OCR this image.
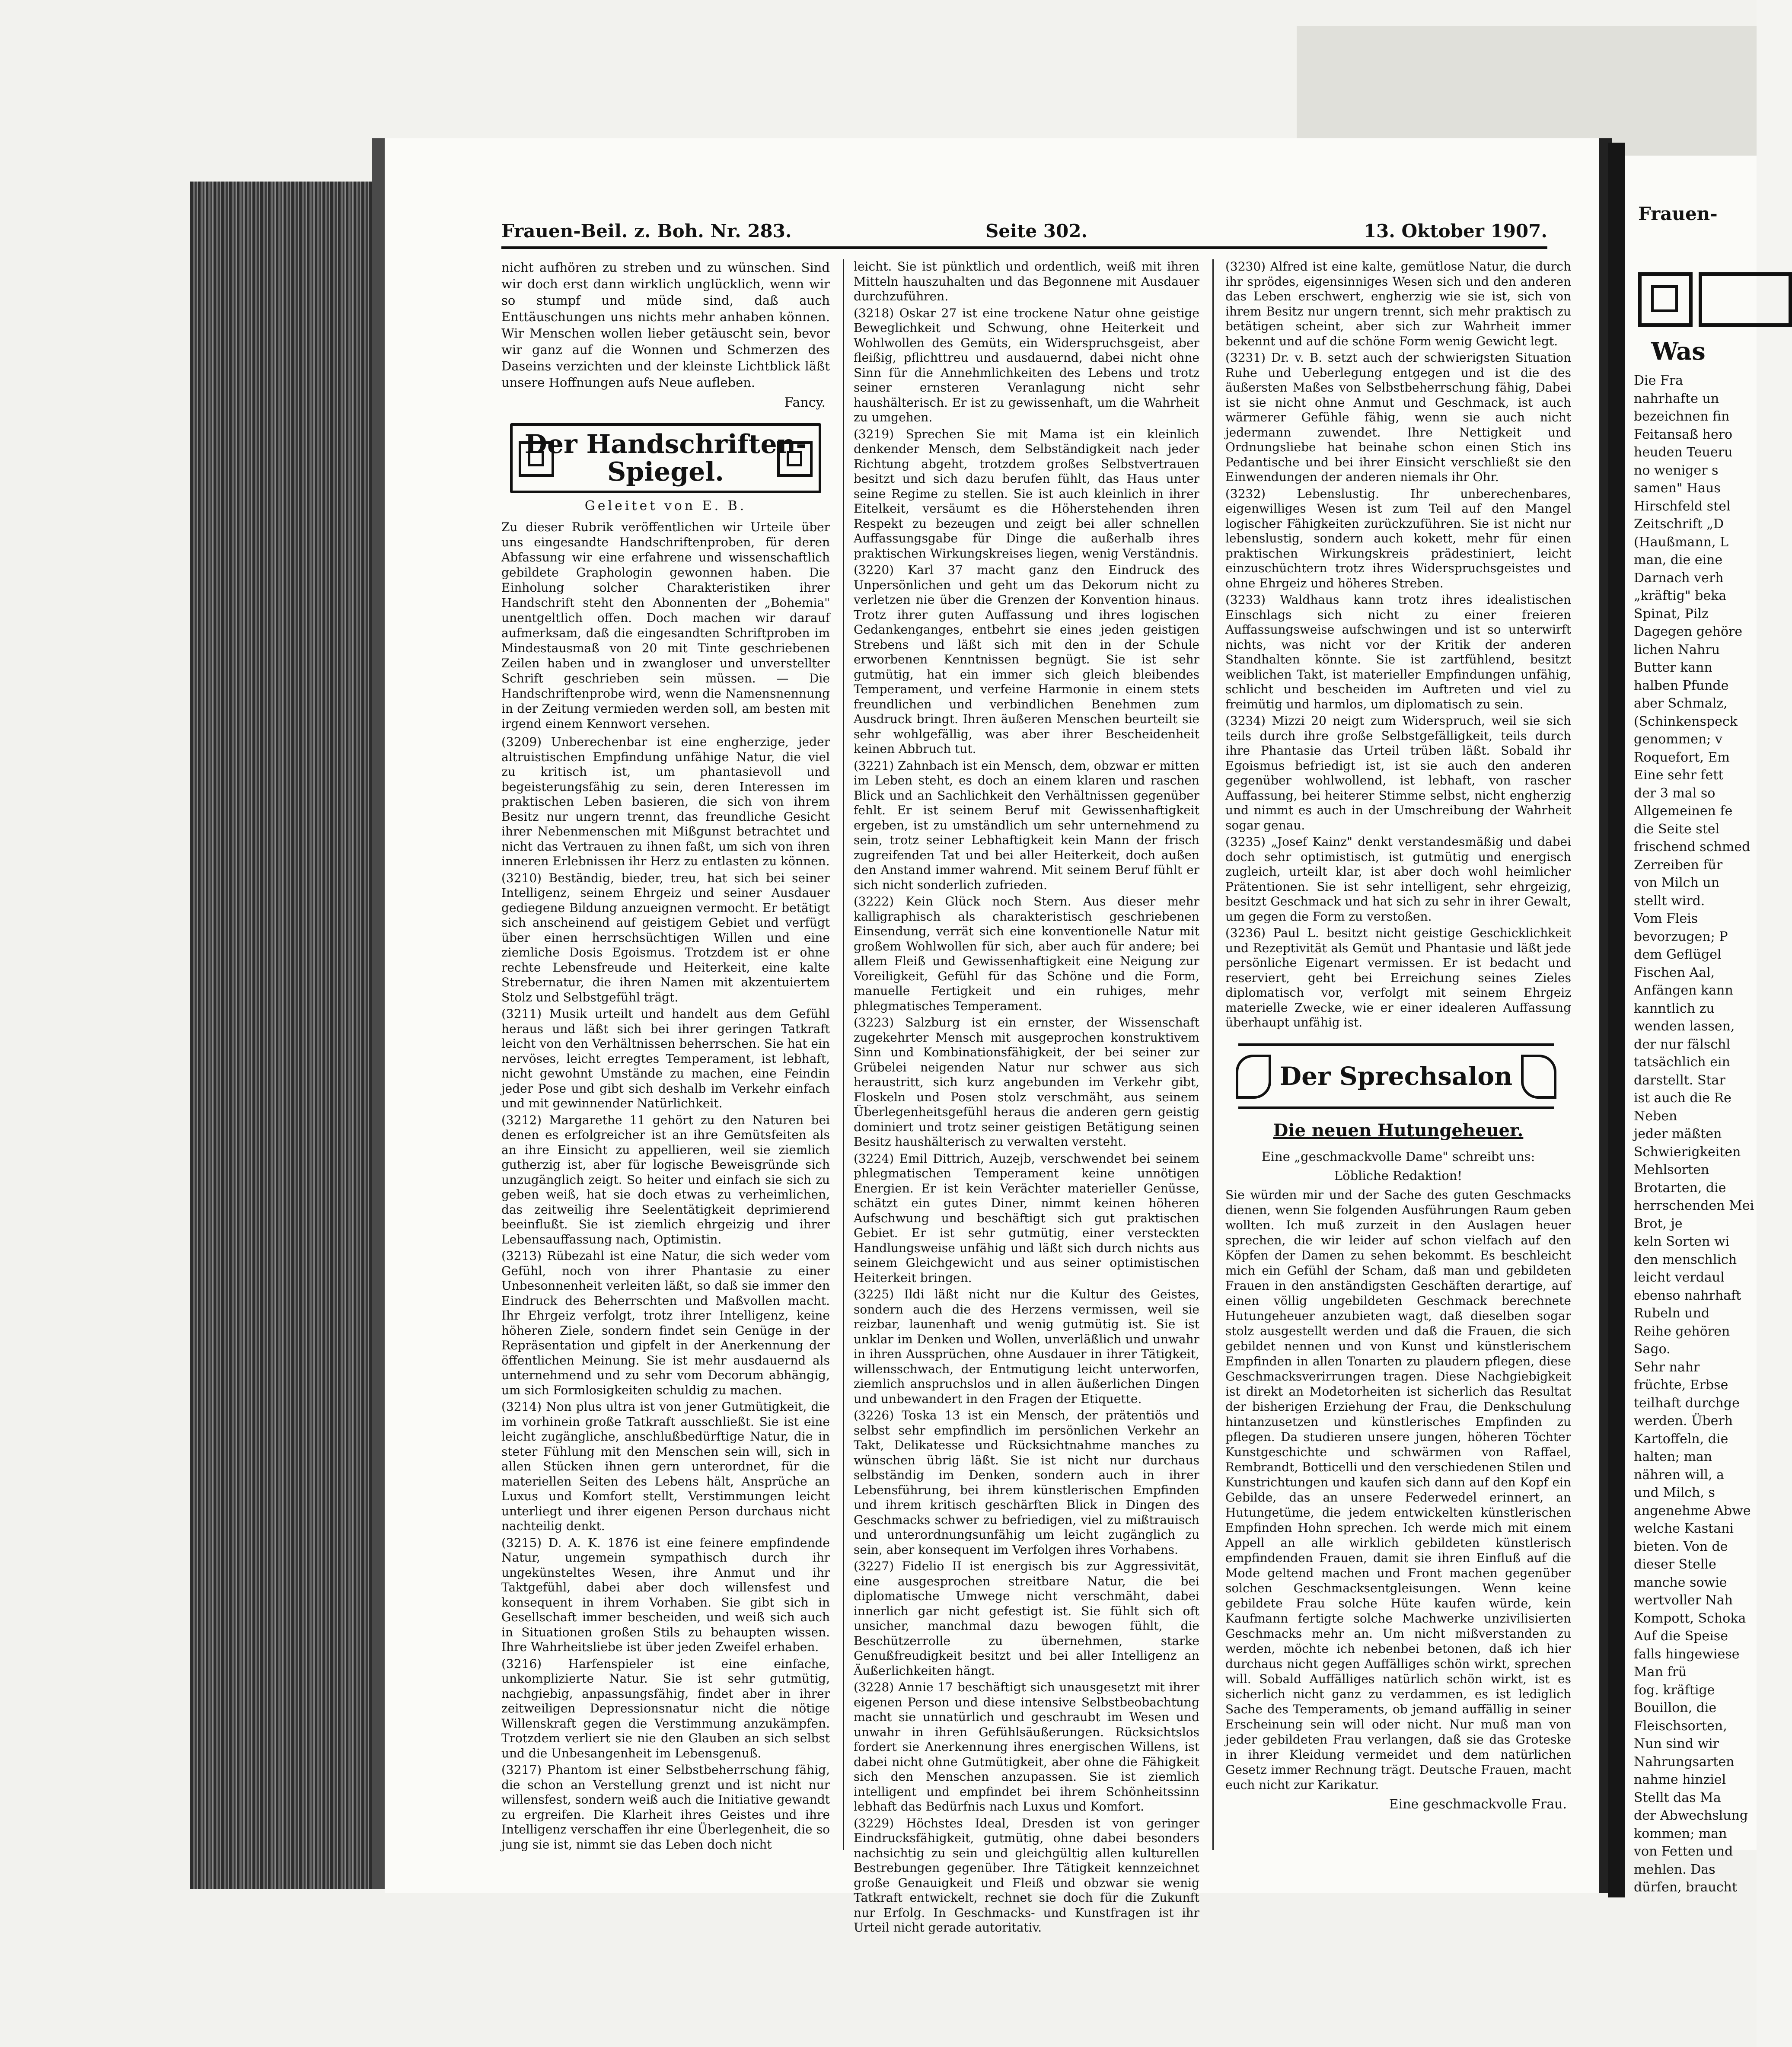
Frauen-Beil. z. Boh. Nr. 283.	Seite 302.	13. Oktober 1907.

nicht aufhören zu streben und zu wünschen. Sind wir doch erst dann wirklich unglücklich, wenn wir so stumpf und müde sind, daß auch Enttäuschungen uns nichts mehr anhaben können. Wir Menschen wollen lieber getäuscht sein, bevor wir ganz auf die Wonnen und Schmerzen des Daseins verzichten und der kleinste Lichtblick läßt unsere Hoffnungen aufs Neue aufleben.

Fancy.
Der Handschriften-Spiegel.
Geleitet von E. B.

Zu dieser Rubrik veröffentlichen wir Urteile über uns eingesandte Handschriftenproben, für deren Abfassung wir eine erfahrene und wissenschaftlich gebildete Graphologin gewonnen haben. Die Einholung solcher Charakteristiken ihrer Handschrift steht den Abonnenten der „Bohemia" unentgeltlich offen. Doch machen wir darauf aufmerksam, daß die eingesandten Schriftproben im Mindestausmaß von 20 mit Tinte geschriebenen Zeilen haben und in zwangloser und unverstellter Schrift geschrieben sein müssen. — Die Handschriftenprobe wird, wenn die Namensnennung in der Zeitung vermieden werden soll, am besten mit irgend einem Kennwort versehen.

(3209) Unberechenbar ist eine engherzige, jeder altruistischen Empfindung unfähige Natur, die viel zu kritisch ist, um phantasievoll und begeisterungsfähig zu sein, deren Interessen im praktischen Leben basieren, die sich von ihrem Besitz nur ungern trennt, das freundliche Gesicht ihrer Nebenmenschen mit Mißgunst betrachtet und nicht das Vertrauen zu ihnen faßt, um sich von ihren inneren Erlebnissen ihr Herz zu entlasten zu können.

(3210) Beständig, bieder, treu, hat sich bei seiner Intelligenz, seinem Ehrgeiz und seiner Ausdauer gediegene Bildung anzueignen vermocht. Er betätigt sich anscheinend auf geistigem Gebiet und verfügt über einen herrschsüchtigen Willen und eine ziemliche Dosis Egoismus. Trotzdem ist er ohne rechte Lebensfreude und Heiterkeit, eine kalte Strebernatur, die ihren Namen mit akzentuiertem Stolz und Selbstgefühl trägt.

(3211) Musik urteilt und handelt aus dem Gefühl heraus und läßt sich bei ihrer geringen Tatkraft leicht von den Verhältnissen beherrschen. Sie hat ein nervöses, leicht erregtes Temperament, ist lebhaft, nicht gewohnt Umstände zu machen, eine Feindin jeder Pose und gibt sich deshalb im Verkehr einfach und mit gewinnender Natürlichkeit.

(3212) Margarethe 11 gehört zu den Naturen bei denen es erfolgreicher ist an ihre Gemütsfeiten als an ihre Einsicht zu appellieren, weil sie ziemlich gutherzig ist, aber für logische Beweisgründe sich unzugänglich zeigt. So heiter und einfach sie sich zu geben weiß, hat sie doch etwas zu verheimlichen, das zeitweilig ihre Seelentätigkeit deprimierend beeinflußt. Sie ist ziemlich ehrgeizig und ihrer Lebensauffassung nach, Optimistin.

(3213) Rübezahl ist eine Natur, die sich weder vom Gefühl, noch von ihrer Phantasie zu einer Unbesonnenheit verleiten läßt, so daß sie immer den Eindruck des Beherrschten und Maßvollen macht. Ihr Ehrgeiz verfolgt, trotz ihrer Intelligenz, keine höheren Ziele, sondern findet sein Genüge in der Repräsentation und gipfelt in der Anerkennung der öffentlichen Meinung. Sie ist mehr ausdauernd als unternehmend und zu sehr vom Decorum abhängig, um sich Formlosigkeiten schuldig zu machen.

(3214) Non plus ultra ist von jener Gutmütigkeit, die im vorhinein große Tatkraft ausschließt. Sie ist eine leicht zugängliche, anschlußbedürftige Natur, die in steter Fühlung mit den Menschen sein will, sich in allen Stücken ihnen gern unterordnet, für die materiellen Seiten des Lebens hält, Ansprüche an Luxus und Komfort stellt, Verstimmungen leicht unterliegt und ihrer eigenen Person durchaus nicht nachteilig denkt.

(3215) D. A. K. 1876 ist eine feinere empfindende Natur, ungemein sympathisch durch ihr ungekünsteltes Wesen, ihre Anmut und ihr Taktgefühl, dabei aber doch willensfest und konsequent in ihrem Vorhaben. Sie gibt sich in Gesellschaft immer bescheiden, und weiß sich auch in Situationen großen Stils zu behaupten wissen. Ihre Wahrheitsliebe ist über jeden Zweifel erhaben.

(3216) Harfenspieler ist eine einfache, unkomplizierte Natur. Sie ist sehr gutmütig, nachgiebig, anpassungsfähig, findet aber in ihrer zeitweiligen Depressionsnatur nicht die nötige Willenskraft gegen die Verstimmung anzukämpfen. Trotzdem verliert sie nie den Glauben an sich selbst und die Unbesangenheit im Lebensgenuß.

(3217) Phantom ist einer Selbstbeherrschung fähig, die schon an Verstellung grenzt und ist nicht nur willensfest, sondern weiß auch die Initiative gewandt zu ergreifen. Die Klarheit ihres Geistes und ihre Intelligenz verschaffen ihr eine Überlegenheit, die so jung sie ist, nimmt sie das Leben doch nicht

leicht. Sie ist pünktlich und ordentlich, weiß mit ihren Mitteln hauszuhalten und das Begonnene mit Ausdauer durchzuführen.

(3218) Oskar 27 ist eine trockene Natur ohne geistige Beweglichkeit und Schwung, ohne Heiterkeit und Wohlwollen des Gemüts, ein Widerspruchsgeist, aber fleißig, pflichttreu und ausdauernd, dabei nicht ohne Sinn für die Annehmlichkeiten des Lebens und trotz seiner ernsteren Veranlagung nicht sehr haushälterisch. Er ist zu gewissenhaft, um die Wahrheit zu umgehen.

(3219) Sprechen Sie mit Mama ist ein kleinlich denkender Mensch, dem Selbständigkeit nach jeder Richtung abgeht, trotzdem großes Selbstvertrauen besitzt und sich dazu berufen fühlt, das Haus unter seine Regime zu stellen. Sie ist auch kleinlich in ihrer Eitelkeit, versäumt es die Höherstehenden ihren Respekt zu bezeugen und zeigt bei aller schnellen Auffassungsgabe für Dinge die außerhalb ihres praktischen Wirkungskreises liegen, wenig Verständnis.

(3220) Karl 37 macht ganz den Eindruck des Unpersönlichen und geht um das Dekorum nicht zu verletzen nie über die Grenzen der Konvention hinaus. Trotz ihrer guten Auffassung und ihres logischen Gedankenganges, entbehrt sie eines jeden geistigen Strebens und läßt sich mit den in der Schule erworbenen Kenntnissen begnügt. Sie ist sehr gutmütig, hat ein immer sich gleich bleibendes Temperament, und verfeine Harmonie in einem stets freundlichen und verbindlichen Benehmen zum Ausdruck bringt. Ihren äußeren Menschen beurteilt sie sehr wohlgefällig, was aber ihrer Bescheidenheit keinen Abbruch tut.

(3221) Zahnbach ist ein Mensch, dem, obzwar er mitten im Leben steht, es doch an einem klaren und raschen Blick und an Sachlichkeit den Verhältnissen gegenüber fehlt. Er ist seinem Beruf mit Gewissenhaftigkeit ergeben, ist zu umständlich um sehr unternehmend zu sein, trotz seiner Lebhaftigkeit kein Mann der frisch zugreifenden Tat und bei aller Heiterkeit, doch außen den Anstand immer wahrend. Mit seinem Beruf fühlt er sich nicht sonderlich zufrieden.

(3222) Kein Glück noch Stern. Aus dieser mehr kalligraphisch als charakteristisch geschriebenen Einsendung, verrät sich eine konventionelle Natur mit großem Wohlwollen für sich, aber auch für andere; bei allem Fleiß und Gewissenhaftigkeit eine Neigung zur Voreiligkeit, Gefühl für das Schöne und die Form, manuelle Fertigkeit und ein ruhiges, mehr phlegmatisches Temperament.

(3223) Salzburg ist ein ernster, der Wissenschaft zugekehrter Mensch mit ausgeprochen konstruktivem Sinn und Kombinationsfähigkeit, der bei seiner zur Grübelei neigenden Natur nur schwer aus sich heraustritt, sich kurz angebunden im Verkehr gibt, Floskeln und Posen stolz verschmäht, aus seinem Überlegenheitsgefühl heraus die anderen gern geistig dominiert und trotz seiner geistigen Betätigung seinen Besitz haushälterisch zu verwalten versteht.

(3224) Emil Dittrich, Auzejb, verschwendet bei seinem phlegmatischen Temperament keine unnötigen Energien. Er ist kein Verächter materieller Genüsse, schätzt ein gutes Diner, nimmt keinen höheren Aufschwung und beschäftigt sich gut praktischen Gebiet. Er ist sehr gutmütig, einer versteckten Handlungsweise unfähig und läßt sich durch nichts aus seinem Gleichgewicht und aus seiner optimistischen Heiterkeit bringen.

(3225) Ildi läßt nicht nur die Kultur des Geistes, sondern auch die des Herzens vermissen, weil sie reizbar, launenhaft und wenig gutmütig ist. Sie ist unklar im Denken und Wollen, unverläßlich und unwahr in ihren Aussprüchen, ohne Ausdauer in ihrer Tätigkeit, willensschwach, der Entmutigung leicht unterworfen, ziemlich anspruchslos und in allen äußerlichen Dingen und unbewandert in den Fragen der Etiquette.

(3226) Toska 13 ist ein Mensch, der prätentiös und selbst sehr empfindlich im persönlichen Verkehr an Takt, Delikatesse und Rücksichtnahme manches zu wünschen übrig läßt. Sie ist nicht nur durchaus selbständig im Denken, sondern auch in ihrer Lebensführung, bei ihrem künstlerischen Empfinden und ihrem kritisch geschärften Blick in Dingen des Geschmacks schwer zu befriedigen, viel zu mißtrauisch und unterordnungsunfähig um leicht zugänglich zu sein, aber konsequent im Verfolgen ihres Vorhabens.

(3227) Fidelio II ist energisch bis zur Aggressivität, eine ausgesprochen streitbare Natur, die bei diplomatische Umwege nicht verschmäht, dabei innerlich gar nicht gefestigt ist. Sie fühlt sich oft unsicher, manchmal dazu bewogen fühlt, die Beschützerrolle zu übernehmen, starke Genußfreudigkeit besitzt und bei aller Intelligenz an Äußerlichkeiten hängt.

(3228) Annie 17 beschäftigt sich unausgesetzt mit ihrer eigenen Person und diese intensive Selbstbeobachtung macht sie unnatürlich und geschraubt im Wesen und unwahr in ihren Gefühlsäußerungen. Rücksichtslos fordert sie Anerkennung ihres energischen Willens, ist dabei nicht ohne Gutmütigkeit, aber ohne die Fähigkeit sich den Menschen anzupassen. Sie ist ziemlich intelligent und empfindet bei ihrem Schönheitssinn lebhaft das Bedürfnis nach Luxus und Komfort.

(3229) Höchstes Ideal, Dresden ist von geringer Eindrucksfähigkeit, gutmütig, ohne dabei besonders nachsichtig zu sein und gleichgültig allen kulturellen Bestrebungen gegenüber. Ihre Tätigkeit kennzeichnet große Genauigkeit und Fleiß und obzwar sie wenig Tatkraft entwickelt, rechnet sie doch für die Zukunft nur Erfolg. In Geschmacks- und Kunstfragen ist ihr Urteil nicht gerade autoritativ.

(3230) Alfred ist eine kalte, gemütlose Natur, die durch ihr sprödes, eigensinniges Wesen sich und den anderen das Leben erschwert, engherzig wie sie ist, sich von ihrem Besitz nur ungern trennt, sich mehr praktisch zu betätigen scheint, aber sich zur Wahrheit immer bekennt und auf die schöne Form wenig Gewicht legt.

(3231) Dr. v. B. setzt auch der schwierigsten Situation Ruhe und Ueberlegung entgegen und ist die des äußersten Maßes von Selbstbeherrschung fähig, Dabei ist sie nicht ohne Anmut und Geschmack, ist auch wärmerer Gefühle fähig, wenn sie auch nicht jedermann zuwendet. Ihre Nettigkeit und Ordnungsliebe hat beinahe schon einen Stich ins Pedantische und bei ihrer Einsicht verschließt sie den Einwendungen der anderen niemals ihr Ohr.

(3232) Lebenslustig. Ihr unberechenbares, eigenwilliges Wesen ist zum Teil auf den Mangel logischer Fähigkeiten zurückzuführen. Sie ist nicht nur lebenslustig, sondern auch kokett, mehr für einen praktischen Wirkungskreis prädestiniert, leicht einzuschüchtern trotz ihres Widerspruchsgeistes und ohne Ehrgeiz und höheres Streben.

(3233) Waldhaus kann trotz ihres idealistischen Einschlags sich nicht zu einer freieren Auffassungsweise aufschwingen und ist so unterwirft nichts, was nicht vor der Kritik der anderen Standhalten könnte. Sie ist zartfühlend, besitzt weiblichen Takt, ist materieller Empfindungen unfähig, schlicht und bescheiden im Auftreten und viel zu freimütig und harmlos, um diplomatisch zu sein.

(3234) Mizzi 20 neigt zum Widerspruch, weil sie sich teils durch ihre große Selbstgefälligkeit, teils durch ihre Phantasie das Urteil trüben läßt. Sobald ihr Egoismus befriedigt ist, ist sie auch den anderen gegenüber wohlwollend, ist lebhaft, von rascher Auffassung, bei heiterer Stimme selbst, nicht engherzig und nimmt es auch in der Umschreibung der Wahrheit sogar genau.

(3235) „Josef Kainz" denkt verstandesmäßig und dabei doch sehr optimistisch, ist gutmütig und energisch zugleich, urteilt klar, ist aber doch wohl heimlicher Prätentionen. Sie ist sehr intelligent, sehr ehrgeizig, besitzt Geschmack und hat sich zu sehr in ihrer Gewalt, um gegen die Form zu verstoßen.

(3236) Paul L. besitzt nicht geistige Geschicklichkeit und Rezeptivität als Gemüt und Phantasie und läßt jede persönliche Eigenart vermissen. Er ist bedacht und reserviert, geht bei Erreichung seines Zieles diplomatisch vor, verfolgt mit seinem Ehrgeiz materielle Zwecke, wie er einer idealeren Auffassung überhaupt unfähig ist.

Der Sprechsalon
Die neuen Hutungeheuer.
Eine „geschmackvolle Dame" schreibt uns:
Löbliche Redaktion!

Sie würden mir und der Sache des guten Geschmacks dienen, wenn Sie folgenden Ausführungen Raum geben wollten. Ich muß zurzeit in den Auslagen heuer sprechen, die wir leider auf schon vielfach auf den Köpfen der Damen zu sehen bekommt. Es beschleicht mich ein Gefühl der Scham, daß man und gebildeten Frauen in den anständigsten Geschäften derartige, auf einen völlig ungebildeten Geschmack berechnete Hutungeheuer anzubieten wagt, daß dieselben sogar stolz ausgestellt werden und daß die Frauen, die sich gebildet nennen und von Kunst und künstlerischem Empfinden in allen Tonarten zu plaudern pflegen, diese Geschmacksverirrungen tragen. Diese Nachgiebigkeit ist direkt an Modetorheiten ist sicherlich das Resultat der bisherigen Erziehung der Frau, die Denkschulung hintanzusetzen und künstlerisches Empfinden zu pflegen. Da studieren unsere jungen, höheren Töchter Kunstgeschichte und schwärmen von Raffael, Rembrandt, Botticelli und den verschiedenen Stilen und Kunstrichtungen und kaufen sich dann auf den Kopf ein Gebilde, das an unsere Federwedel erinnert, an Hutungetüme, die jedem entwickelten künstlerischen Empfinden Hohn sprechen. Ich werde mich mit einem Appell an alle wirklich gebildeten künstlerisch empfindenden Frauen, damit sie ihren Einfluß auf die Mode geltend machen und Front machen gegenüber solchen Geschmacksentgleisungen. Wenn keine gebildete Frau solche Hüte kaufen würde, kein Kaufmann fertigte solche Machwerke unzivilisierten Geschmacks mehr an. Um nicht mißverstanden zu werden, möchte ich nebenbei betonen, daß ich hier durchaus nicht gegen Auffälliges schön wirkt, sprechen will. Sobald Auffälliges natürlich schön wirkt, ist es sicherlich nicht ganz zu verdammen, es ist lediglich Sache des Temperaments, ob jemand auffällig in seiner Erscheinung sein will oder nicht. Nur muß man von jeder gebildeten Frau verlangen, daß sie das Groteske in ihrer Kleidung vermeidet und dem natürlichen Gesetz immer Rechnung trägt. Deutsche Frauen, macht euch nicht zur Karikatur.

Eine geschmackvolle Frau.
Frauen-
Was
Die Fra
nahrhafte un
bezeichnen fin
Feitansaß hero
heuden Teueru
no weniger s
samen" Haus
Hirschfeld stel
Zeitschrift „D
(Haußmann, L
man, die eine
Darnach verh
„kräftig" beka
Spinat, Pilz
Dagegen gehöre
lichen Nahru
Butter kann
halben Pfunde
aber Schmalz,
(Schinkenspeck
genommen; v
Roquefort, Em
Eine sehr fett
der 3 mal so
Allgemeinen fe
die Seite stel
frischend schmed
Zerreiben für
von Milch un
stellt wird.
Vom Fleis
bevorzugen; P
dem Geflügel
Fischen Aal,
Anfängen kann
kanntlich zu
wenden lassen,
der nur fälschl
tatsächlich ein
darstellt. Star
ist auch die Re
Neben
jeder mäßten
Schwierigkeiten
Mehlsorten
Brotarten, die
herrschenden Mei
Brot, je
keln Sorten wi
den menschlich
leicht verdaul
ebenso nahrhaft
Rubeln und
Reihe gehören
Sago.
Sehr nahr
früchte, Erbse
teilhaft durchge
werden. Überh
Kartoffeln, die
halten; man
nähren will, a
und Milch, s
angenehme Abwe
welche Kastani
bieten. Von de
dieser Stelle
manche sowie
wertvoller Nah
Kompott, Schoka
Auf die Speise
falls hingewiese
Man frü
fog. kräftige
Bouillon, die
Fleischsorten,
Nun sind wir
Nahrungsarten
nahme hinziel
Stellt das Ma
der Abwechslung
kommen; man
von Fetten und
mehlen. Das
dürfen, braucht
